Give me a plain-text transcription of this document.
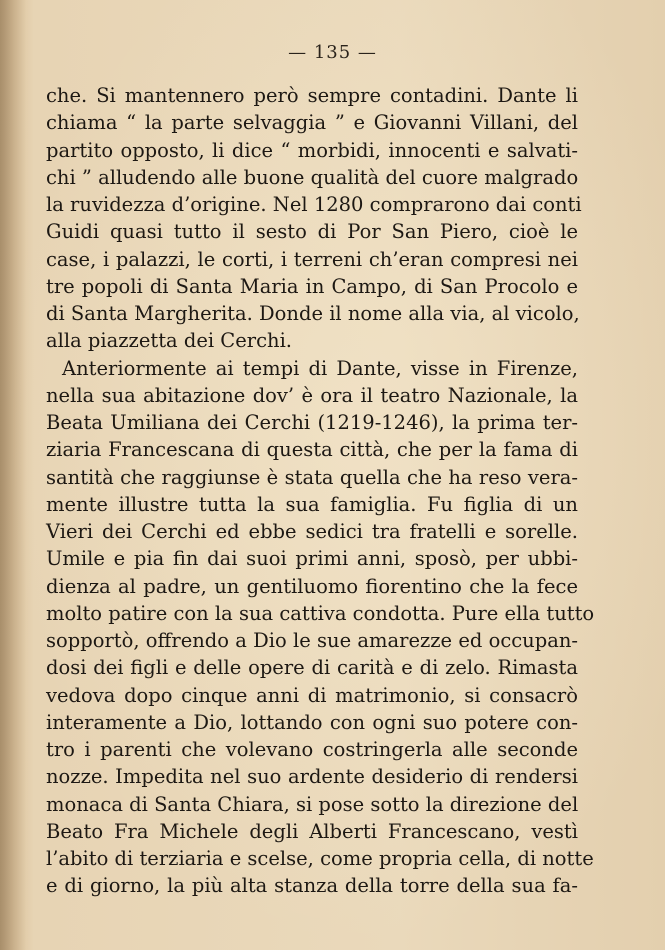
— 135 —
che. Si mantennero però sempre contadini. Dante li
chiama “ la parte selvaggia ” e Giovanni Villani, del
partito opposto, li dice “ morbidi, innocenti e salvati-
chi ” alludendo alle buone qualità del cuore malgrado
la ruvidezza d’origine. Nel 1280 comprarono dai conti
Guidi quasi tutto il sesto di Por San Piero, cioè le
case, i palazzi, le corti, i terreni ch’eran compresi nei
tre popoli di Santa Maria in Campo, di San Procolo e
di Santa Margherita. Donde il nome alla via, al vicolo,
alla piazzetta dei Cerchi.
Anteriormente ai tempi di Dante, visse in Firenze,
nella sua abitazione dov’ è ora il teatro Nazionale, la
Beata Umiliana dei Cerchi (1219-1246), la prima ter-
ziaria Francescana di questa città, che per la fama di
santità che raggiunse è stata quella che ha reso vera-
mente illustre tutta la sua famiglia. Fu figlia di un
Vieri dei Cerchi ed ebbe sedici tra fratelli e sorelle.
Umile e pia fin dai suoi primi anni, sposò, per ubbi-
dienza al padre, un gentiluomo fiorentino che la fece
molto patire con la sua cattiva condotta. Pure ella tutto
sopportò, offrendo a Dio le sue amarezze ed occupan-
dosi dei figli e delle opere di carità e di zelo. Rimasta
vedova dopo cinque anni di matrimonio, si consacrò
interamente a Dio, lottando con ogni suo potere con-
tro i parenti che volevano costringerla alle seconde
nozze. Impedita nel suo ardente desiderio di rendersi
monaca di Santa Chiara, si pose sotto la direzione del
Beato Fra Michele degli Alberti Francescano, vestì
l’abito di terziaria e scelse, come propria cella, di notte
e di giorno, la più alta stanza della torre della sua fa-
